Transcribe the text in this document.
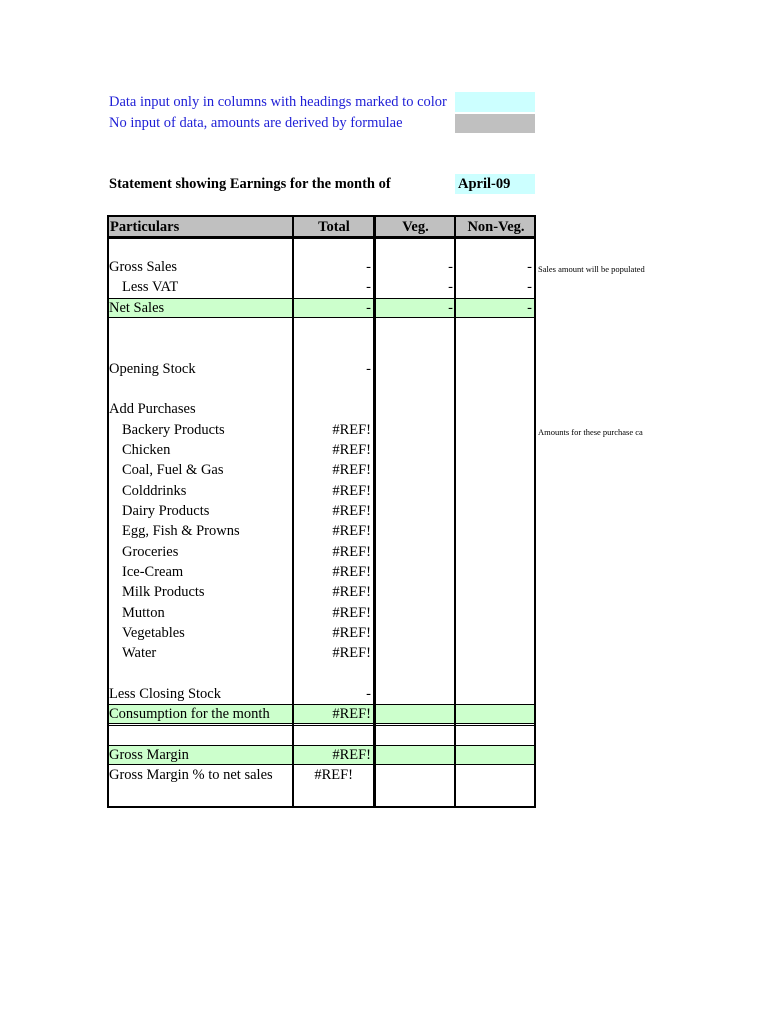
Data input only in columns with headings marked to color
No input of data, amounts are derived by formulae
Statement showing Earnings for the month of	April-09
Particulars	Total	Veg.	Non-Veg.
Gross Sales	-	-	-
Less VAT	-	-	-
Net Sales	-	-	-
Opening Stock	-
Add Purchases
Backery Products	#REF!
Chicken	#REF!
Coal, Fuel & Gas	#REF!
Colddrinks	#REF!
Dairy Products	#REF!
Egg, Fish & Prowns	#REF!
Groceries	#REF!
Ice-Cream	#REF!
Milk Products	#REF!
Mutton	#REF!
Vegetables	#REF!
Water	#REF!
Less Closing Stock	-
Consumption for the month	#REF!
Gross Margin	#REF!
Gross Margin % to net sales	#REF!
Sales amount will be populated
Amounts for these purchase ca
